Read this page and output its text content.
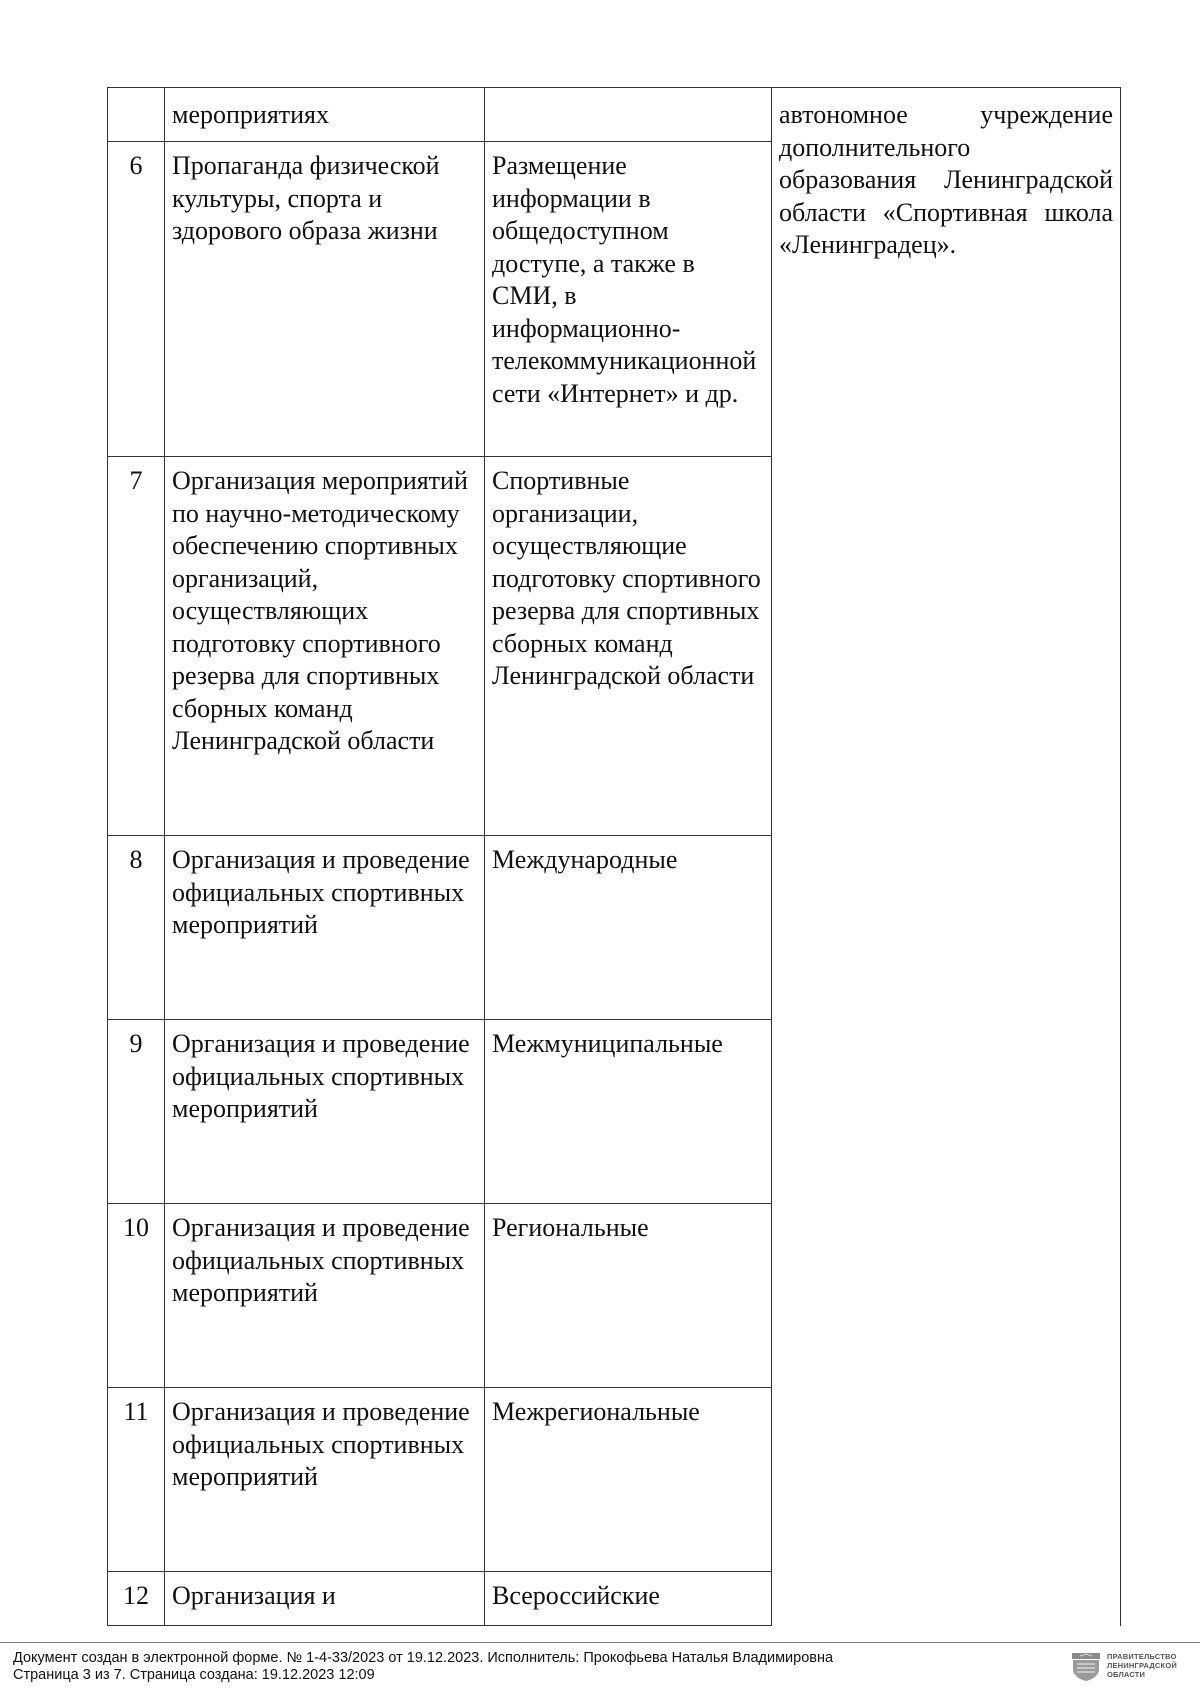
	мероприятиях		автономное учреждение дополнительного образования Ленинградской области «Спортивная школа «Ленинградец».
6	Пропаганда физической культуры, спорта и здорового образа жизни	Размещение информации в общедоступном доступе, а также в СМИ, в информационно-телекоммуникационной сети «Интернет» и др.	
7	Организация мероприятий по научно-методическому обеспечению спортивных организаций, осуществляющих подготовку спортивного резерва для спортивных сборных команд Ленинградской области	Спортивные организации, осуществляющие подготовку спортивного резерва для спортивных сборных команд Ленинградской области	
8	Организация и проведение официальных спортивных мероприятий	Международные	
9	Организация и проведение официальных спортивных мероприятий	Межмуниципальные	
10	Организация и проведение официальных спортивных мероприятий	Региональные	
11	Организация и проведение официальных спортивных мероприятий	Межрегиональные	
12	Организация и	Всероссийские	
Документ создан в электронной форме. № 1-4-33/2023 от 19.12.2023. Исполнитель: Прокофьева Наталья Владимировна
Страница 3 из 7. Страница создана: 19.12.2023 12:09
ПРАВИТЕЛЬСТВО
ЛЕНИНГРАДСКОЙ
ОБЛАСТИ
